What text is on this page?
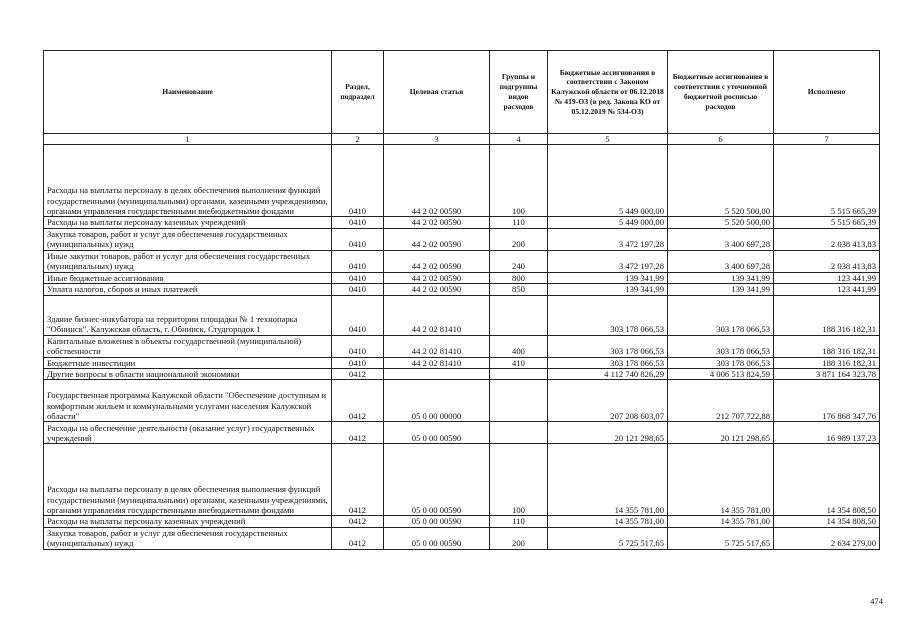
Наименование	Раздел, подраздел	Целевая статья	Группы и подгруппы видов расходов	Бюджетные ассигнования в соответствии с Законом Калужской области от 06.12.2018 № 419-ОЗ (в ред. Закона КО от 05.12.2019 № 534-ОЗ)	Бюджетные ассигнования в соответствии с уточненной бюджетной росписью расходов	Исполнено
1	2	3	4	5	6	7
Расходы на выплаты персоналу в целях обеспечения выполнения функций государственными (муниципальными) органами, казенными учреждениями, органами управления государственными внебюджетными фондами	0410	44 2 02 00590	100	5 449 000,00	5 520 500,00	5 515 665,39
Расходы на выплаты персоналу казенных учреждений	0410	44 2 02 00590	110	5 449 000,00	5 520 500,00	5 515 665,39
Закупка товаров, работ и услуг для обеспечения государственных (муниципальных) нужд	0410	44 2 02 00590	200	3 472 197,28	3 400 697,28	2 038 413,83
Иные закупки товаров, работ и услуг для обеспечения государственных (муниципальных) нужд	0410	44 2 02 00590	240	3 472 197,28	3 400 697,28	2 038 413,83
Иные бюджетные ассигнования	0410	44 2 02 00590	800	139 341,99	139 341,99	123 441,99
Уплата налогов, сборов и иных платежей	0410	44 2 02 00590	850	139 341,99	139 341,99	123 441,99
Здание бизнес-инкубатора на территории площадки № 1 технопарка "Обнинск". Калужская область, г. Обнинск, Студгородок 1	0410	44 2 02 81410		303 178 066,53	303 178 066,53	188 316 182,31
Капитальные вложения в объекты государственной (муниципальной) собственности	0410	44 2 02 81410	400	303 178 066,53	303 178 066,53	188 316 182,31
Бюджетные инвестиции	0410	44 2 02 81410	410	303 178 066,53	303 178 066,53	188 316 182,31
Другие вопросы в области национальной экономики	0412			4 112 740 826,29	4 006 513 824,59	3 871 164 323,78
Государственная программа Калужской области "Обеспечение доступным и комфортным жильем и коммунальными услугами населения Калужской области"	0412	05 0 00 00000		207 208 603,07	212 707 722,88	176 868 347,76
Расходы на обеспечение деятельности (оказание услуг) государственных учреждений	0412	05 0 00 00590		20 121 298,65	20 121 298,65	16 989 137,23
Расходы на выплаты персоналу в целях обеспечения выполнения функций государственными (муниципальными) органами, казенными учреждениями, органами управления государственными внебюджетными фондами	0412	05 0 00 00590	100	14 355 781,00	14 355 781,00	14 354 808,50
Расходы на выплаты персоналу казенных учреждений	0412	05 0 00 00590	110	14 355 781,00	14 355 781,00	14 354 808,50
Закупка товаров, работ и услуг для обеспечения государственных (муниципальных) нужд	0412	05 0 00 00590	200	5 725 517,65	5 725 517,65	2 634 279,00
474
